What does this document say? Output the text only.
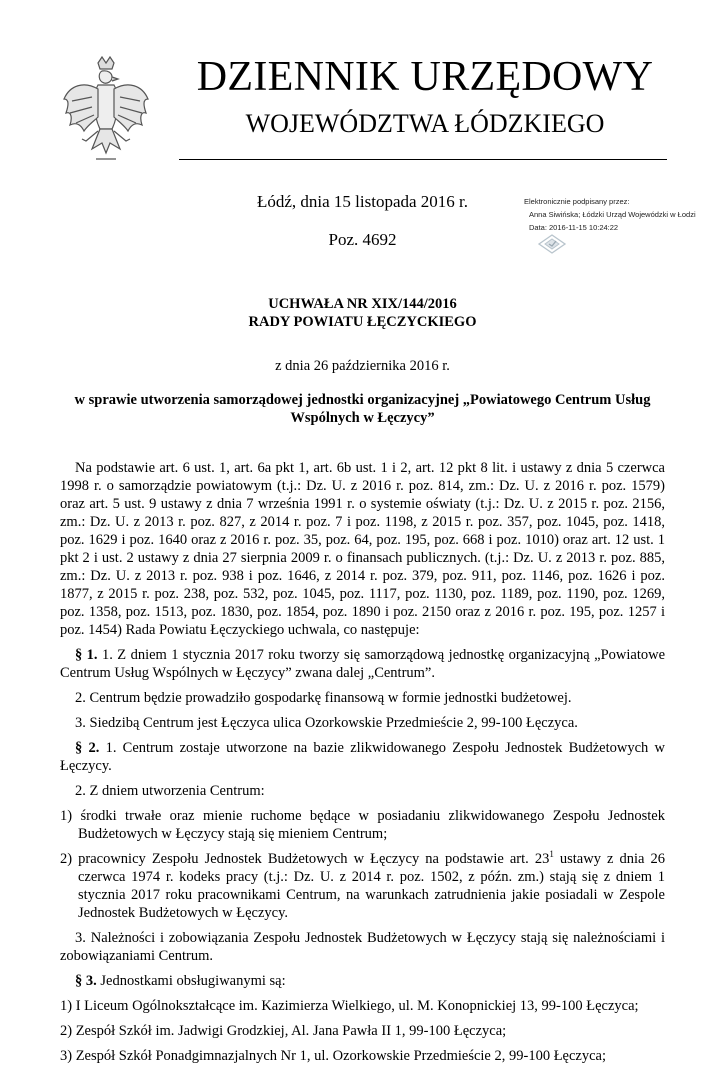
DZIENNIK URZĘDOWY
WOJEWÓDZTWA ŁÓDZKIEGO
Łódź, dnia 15 listopada 2016 r.
Poz. 4692
Elektronicznie podpisany przez:
Anna Siwińska; Łódzki Urząd Wojewódzki w Łodzi
Data: 2016-11-15 10:24:22
UCHWAŁA NR XIX/144/2016
RADY POWIATU ŁĘCZYCKIEGO
z dnia 26 października 2016 r.
w sprawie utworzenia samorządowej jednostki organizacyjnej „Powiatowego Centrum Usług Wspólnych w Łęczycy”
Na podstawie art. 6 ust. 1, art. 6a pkt 1, art. 6b ust. 1 i 2, art. 12 pkt 8 lit. i ustawy z dnia 5 czerwca 1998 r. o samorządzie powiatowym (t.j.: Dz. U. z 2016 r. poz. 814, zm.: Dz. U. z 2016 r. poz. 1579) oraz art. 5 ust. 9 ustawy z dnia 7 września 1991 r. o systemie oświaty (t.j.: Dz. U. z 2015 r. poz. 2156, zm.: Dz. U. z 2013 r. poz. 827, z 2014 r. poz. 7 i poz. 1198, z 2015 r. poz. 357, poz. 1045, poz. 1418, poz. 1629 i poz. 1640 oraz z 2016 r. poz. 35, poz. 64, poz. 195, poz. 668 i poz. 1010) oraz art. 12 ust. 1 pkt 2 i ust. 2 ustawy z dnia 27 sierpnia 2009 r. o finansach publicznych. (t.j.: Dz. U. z 2013 r. poz. 885, zm.: Dz. U. z 2013 r. poz. 938 i poz. 1646, z 2014 r. poz. 379, poz. 911, poz. 1146, poz. 1626 i poz. 1877, z 2015 r. poz. 238, poz. 532, poz. 1045, poz. 1117, poz. 1130, poz. 1189, poz. 1190, poz. 1269, poz. 1358, poz. 1513, poz. 1830, poz. 1854, poz. 1890 i poz. 2150 oraz z 2016 r. poz. 195, poz. 1257 i poz. 1454) Rada Powiatu Łęczyckiego uchwala, co następuje:

§ 1. 1. Z dniem 1 stycznia 2017 roku tworzy się samorządową jednostkę organizacyjną „Powiatowe Centrum Usług Wspólnych w Łęczycy” zwana dalej „Centrum”.

2. Centrum będzie prowadziło gospodarkę finansową w formie jednostki budżetowej.

3. Siedzibą Centrum jest Łęczyca ulica Ozorkowskie Przedmieście 2, 99-100 Łęczyca.

§ 2. 1. Centrum zostaje utworzone na bazie zlikwidowanego Zespołu Jednostek Budżetowych w Łęczycy.

2. Z dniem utworzenia Centrum:

1) środki trwałe oraz mienie ruchome będące w posiadaniu zlikwidowanego Zespołu Jednostek Budżetowych w Łęczycy stają się mieniem Centrum;
2) pracownicy Zespołu Jednostek Budżetowych w Łęczycy na podstawie art. $23^1$ ustawy z dnia 26 czerwca 1974 r. kodeks pracy (t.j.: Dz. U. z 2014 r. poz. 1502, z późn. zm.) stają się z dniem 1 stycznia 2017 roku pracownikami Centrum, na warunkach zatrudnienia jakie posiadali w Zespole Jednostek Budżetowych w Łęczycy.

3. Należności i zobowiązania Zespołu Jednostek Budżetowych w Łęczycy stają się należnościami i zobowiązaniami Centrum.

§ 3. Jednostkami obsługiwanymi są:

1) I Liceum Ogólnokształcące im. Kazimierza Wielkiego, ul. M. Konopnickiej 13, 99-100 Łęczyca;
2) Zespół Szkół im. Jadwigi Grodzkiej, Al. Jana Pawła II 1, 99-100 Łęczyca;
3) Zespół Szkół Ponadgimnazjalnych Nr 1, ul. Ozorkowskie Przedmieście 2, 99-100 Łęczyca;
